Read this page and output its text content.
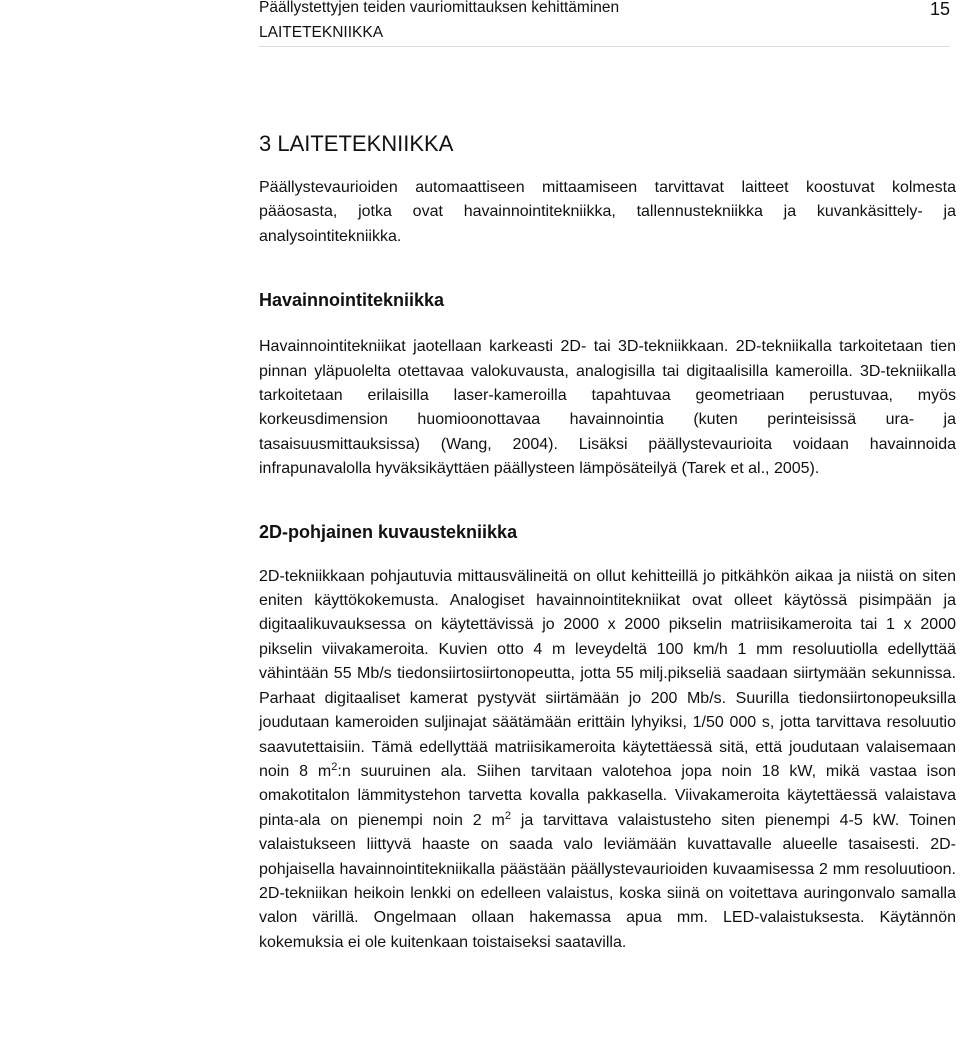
Päällystettyjen teiden vauriomittauksen kehittäminen
LAITETEKNIIKKA
15
3 LAITETEKNIIKKA

Päällystevaurioiden automaattiseen mittaamiseen tarvittavat laitteet koostuvat kolmesta pääosasta, jotka ovat havainnointitekniikka, tallennustekniikka ja kuvankäsittely- ja analysointitekniikka.

Havainnointitekniikka

Havainnointitekniikat jaotellaan karkeasti 2D- tai 3D-tekniikkaan. 2D-tekniikalla tarkoitetaan tien pinnan yläpuolelta otettavaa valokuvausta, analogisilla tai digitaalisilla kameroilla. 3D-tekniikalla tarkoitetaan erilaisilla laser-kameroilla tapahtuvaa geometriaan perustuvaa, myös korkeusdimension huomioonottavaa havainnointia (kuten perinteisissä ura- ja tasaisuusmittauksissa) (Wang, 2004). Lisäksi päällystevaurioita voidaan havainnoida infrapunavalolla hyväksikäyttäen päällysteen lämpösäteilyä (Tarek et al., 2005).

2D-pohjainen kuvaustekniikka

2D-tekniikkaan pohjautuvia mittausvälineitä on ollut kehitteillä jo pitkähkön aikaa ja niistä on siten eniten käyttökokemusta. Analogiset havainnointitekniikat ovat olleet käytössä pisimpään ja digitaalikuvauksessa on käytettävissä jo 2000 x 2000 pikselin matriisikameroita tai 1 x 2000 pikselin viivakameroita. Kuvien otto 4 m leveydeltä 100 km/h 1 mm resoluutiolla edellyttää vähintään 55 Mb/s tiedonsiirtosiirtonopeutta, jotta 55 milj.pikseliä saadaan siirtymään sekunnissa. Parhaat digitaaliset kamerat pystyvät siirtämään jo 200 Mb/s. Suurilla tiedonsiirtonopeuksilla joudutaan kameroiden suljinajat säätämään erittäin lyhyiksi, 1/50 000 s, jotta tarvittava resoluutio saavutettaisiin. Tämä edellyttää matriisikameroita käytettäessä sitä, että joudutaan valaisemaan noin 8 $m^2:n$ suuruinen ala. Siihen tarvitaan valotehoa jopa noin 18 kW, mikä vastaa ison omakotitalon lämmitystehon tarvetta kovalla pakkasella. Viivakameroita käytettäessä valaistava pinta-ala on pienempi noin 2 $m^2$ ja tarvittava valaistusteho siten pienempi 4-5 kW. Toinen valaistukseen liittyvä haaste on saada valo leviämään kuvattavalle alueelle tasaisesti. 2D-pohjaisella havainnointitekniikalla päästään päällystevaurioiden kuvaamisessa 2 mm resoluutioon. 2D-tekniikan heikoin lenkki on edelleen valaistus, koska siinä on voitettava auringonvalo samalla valon värillä. Ongelmaan ollaan hakemassa apua mm. LED-valaistuksesta. Käytännön kokemuksia ei ole kuitenkaan toistaiseksi saatavilla.
